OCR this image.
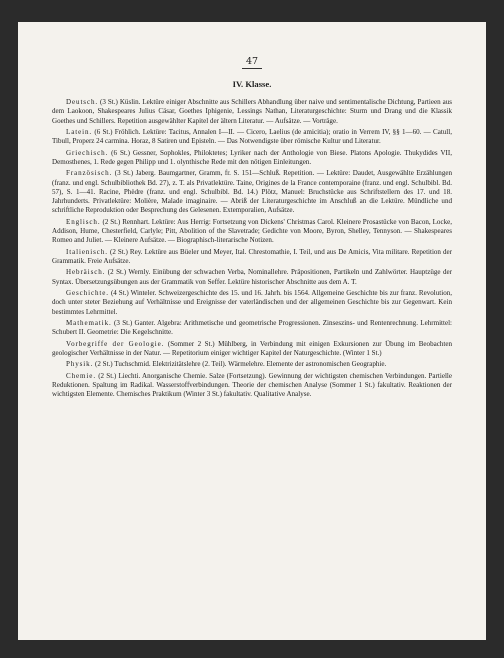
47
IV. Klasse.

Deutsch. (3 St.) Küslin. Lektüre einiger Abschnitte aus Schillers Abhandlung über naive und sentimentalische Dichtung, Partieen aus dem Laokoon, Shakespeares Julius Cäsar, Goethes Iphigenie, Lessings Nathan, Literaturgeschichte: Sturm und Drang und die Klassik Goethes und Schillers. Repetition ausgewählter Kapitel der ältern Literatur. — Aufsätze. — Vorträge.

Latein. (6 St.) Fröhlich. Lektüre: Tacitus, Annalen I—II. — Cicero, Laelius (de amicitia); oratio in Verrem IV, §§ 1—60. — Catull, Tibull, Properz 24 carmina. Horaz, 8 Satiren und Episteln. — Das Notwendigste über römische Kultur und Literatur.

Griechisch. (6 St.) Gessner, Sophokles, Philoktetes; Lyriker nach der Anthologie von Biese. Platons Apologie. Thukydides VII, Demosthenes, 1. Rede gegen Philipp und 1. olynthische Rede mit den nötigen Einleitungen.

Französisch. (3 St.) Jaberg. Baumgartner, Gramm, fr. S. 151—Schluß. Repetition. — Lektüre: Daudet, Ausgewählte Erzählungen (franz. und engl. Schulbibliothek Bd. 27), z. T. als Privatlektüre. Taine, Origines de la France contemporaine (franz. und engl. Schulbibl. Bd. 57), S. 1—41. Racine, Phèdre (franz. und engl. Schulbibl. Bd. 14.) Plötz, Manuel: Bruchstücke aus Schriftstellern des 17. und 18. Jahrhunderts. Privatlektüre: Molière, Malade imaginaire. — Abriß der Literaturgeschichte im Anschluß an die Lektüre. Mündliche und schriftliche Reproduktion oder Besprechung des Gelesenen. Extemporalien, Aufsätze.

Englisch. (2 St.) Rennhart. Lektüre: Aus Herrig: Fortsetzung von Dickens' Christmas Carol. Kleinere Prosastücke von Bacon, Locke, Addison, Hume, Chesterfield, Carlyle; Pitt, Abolition of the Slavetrade; Gedichte von Moore, Byron, Shelley, Tennyson. — Shakespeares Romeo and Juliet. — Kleinere Aufsätze. — Biographisch-literarische Notizen.

Italienisch. (2 St.) Rey. Lektüre aus Büeler und Meyer, Ital. Chrestomathie, I. Teil, und aus De Amicis, Vita militare. Repetition der Grammatik. Freie Aufsätze.

Hebräisch. (2 St.) Wernly. Einübung der schwachen Verba, Nominallehre. Präpositionen, Partikeln und Zahlwörter. Hauptzüge der Syntax. Übersetzungsübungen aus der Grammatik von Seffer. Lektüre historischer Abschnitte aus dem A. T.

Geschichte. (4 St.) Winteler. Schweizergeschichte des 15. und 16. Jahrh. bis 1564. Allgemeine Geschichte bis zur franz. Revolution, doch unter steter Beziehung auf Verhältnisse und Ereignisse der vaterländischen und der allgemeinen Geschichte bis zur Gegenwart. Kein bestimmtes Lehrmittel.

Mathematik. (3 St.) Ganter. Algebra: Arithmetische und geometrische Progressionen. Zinseszins- und Rentenrechnung. Lehrmittel: Schubert II. Geometrie: Die Kegelschnitte.

Vorbegriffe der Geologie. (Sommer 2 St.) Mühlberg, in Verbindung mit einigen Exkursionen zur Übung im Beobachten geologischer Verhältnisse in der Natur. — Repetitorium einiger wichtiger Kapitel der Naturgeschichte. (Winter 1 St.)

Physik. (2 St.) Tuchschmid. Elektrizitätslehre (2. Teil). Wärmelehre. Elemente der astronomischen Geographie.

Chemie. (2 St.) Liechti. Anorganische Chemie. Salze (Fortsetzung). Gewinnung der wichtigsten chemischen Verbindungen. Partielle Reduktionen. Spaltung im Radikal. Wasserstoffverbindungen. Theorie der chemischen Analyse (Sommer 1 St.) fakultativ. Reaktionen der wichtigsten Elemente. Chemisches Praktikum (Winter 3 St.) fakultativ. Qualitative Analyse.
